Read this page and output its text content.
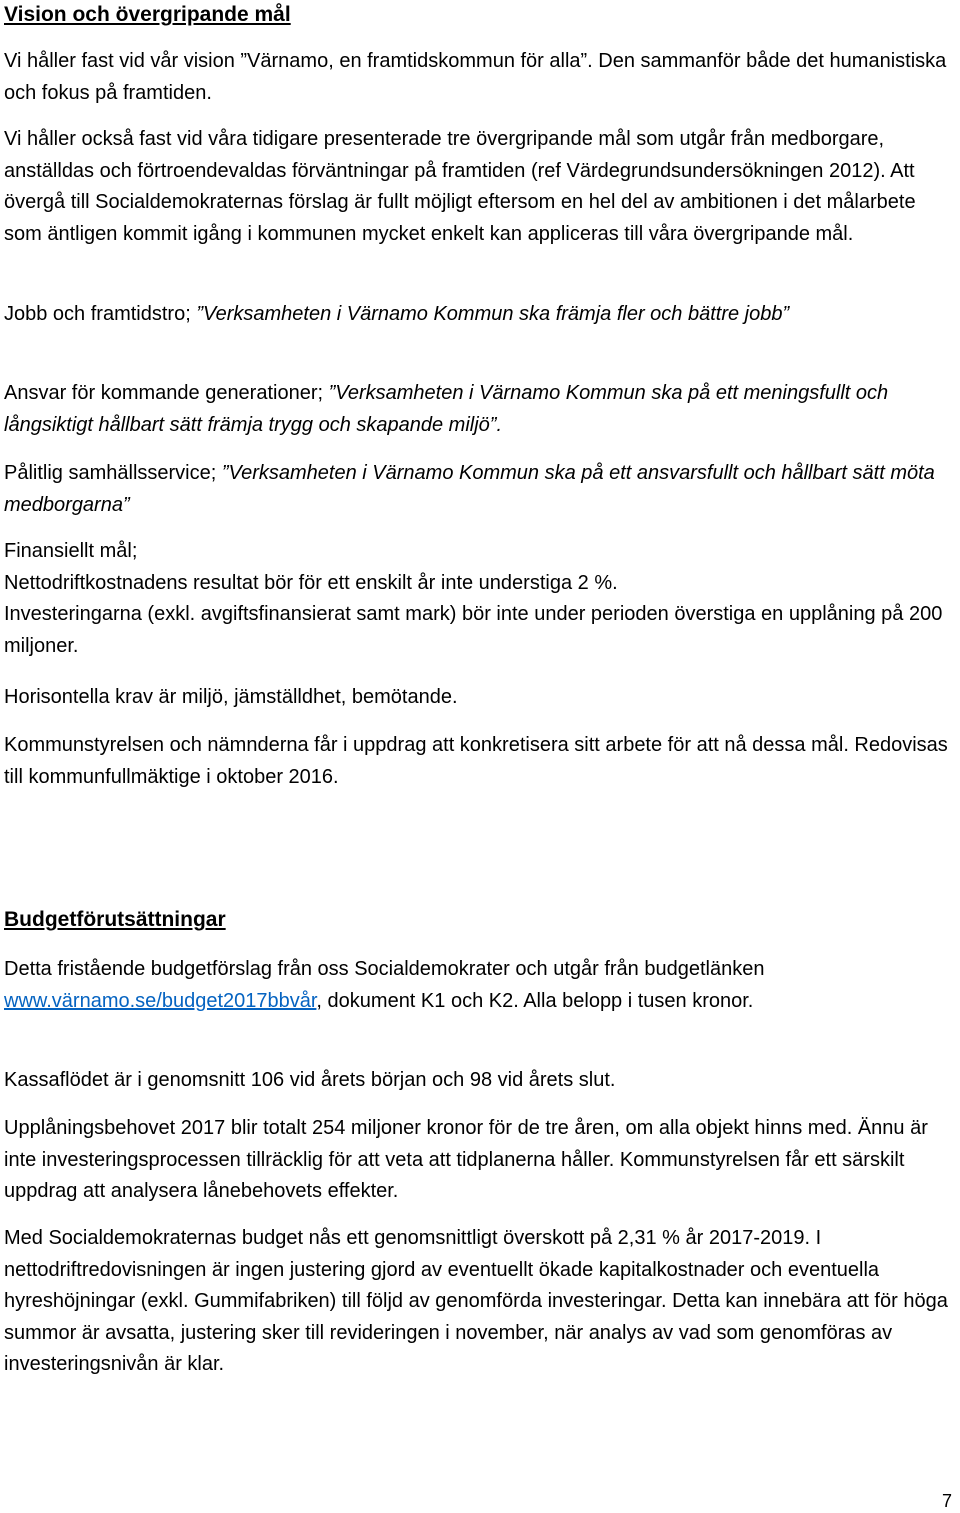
Vision och övergripande mål

Vi håller fast vid vår vision ”Värnamo, en framtidskommun för alla”. Den sammanför både det humanistiska och fokus på framtiden.

Vi håller också fast vid våra tidigare presenterade tre övergripande mål som utgår från medborgare, anställdas och förtroendevaldas förväntningar på framtiden (ref Värdegrundsundersökningen 2012). Att övergå till Socialdemokraternas förslag är fullt möjligt eftersom en hel del av ambitionen i det målarbete som äntligen kommit igång i kommunen mycket enkelt kan appliceras till våra övergripande mål.

Jobb och framtidstro; ”Verksamheten i Värnamo Kommun ska främja fler och bättre jobb”

Ansvar för kommande generationer; ”Verksamheten i Värnamo Kommun ska på ett meningsfullt och långsiktigt hållbart sätt främja trygg och skapande miljö”.

Pålitlig samhällsservice; ”Verksamheten i Värnamo Kommun ska på ett ansvarsfullt och hållbart sätt möta medborgarna”

Finansiellt mål;

Nettodriftkostnadens resultat bör för ett enskilt år inte understiga 2 %.

Investeringarna (exkl. avgiftsfinansierat samt mark) bör inte under perioden överstiga en upplåning på 200 miljoner.

Horisontella krav är miljö, jämställdhet, bemötande.

Kommunstyrelsen och nämnderna får i uppdrag att konkretisera sitt arbete för att nå dessa mål. Redovisas till kommunfullmäktige i oktober 2016.

Budgetförutsättningar

Detta fristående budgetförslag från oss Socialdemokrater och utgår från budgetlänken www.värnamo.se/budget2017bbvår, dokument K1 och K2. Alla belopp i tusen kronor.

Kassaflödet är i genomsnitt 106 vid årets början och 98 vid årets slut.

Upplåningsbehovet 2017 blir totalt 254 miljoner kronor för de tre åren, om alla objekt hinns med. Ännu är inte investeringsprocessen tillräcklig för att veta att tidplanerna håller. Kommunstyrelsen får ett särskilt uppdrag att analysera lånebehovets effekter.

Med Socialdemokraternas budget nås ett genomsnittligt överskott på 2,31 % år 2017-2019. I nettodriftredovisningen är ingen justering gjord av eventuellt ökade kapitalkostnader och eventuella hyreshöjningar (exkl. Gummifabriken) till följd av genomförda investeringar. Detta kan innebära att för höga summor är avsatta, justering sker till revideringen i november, när analys av vad som genomföras av investeringsnivån är klar.

7
